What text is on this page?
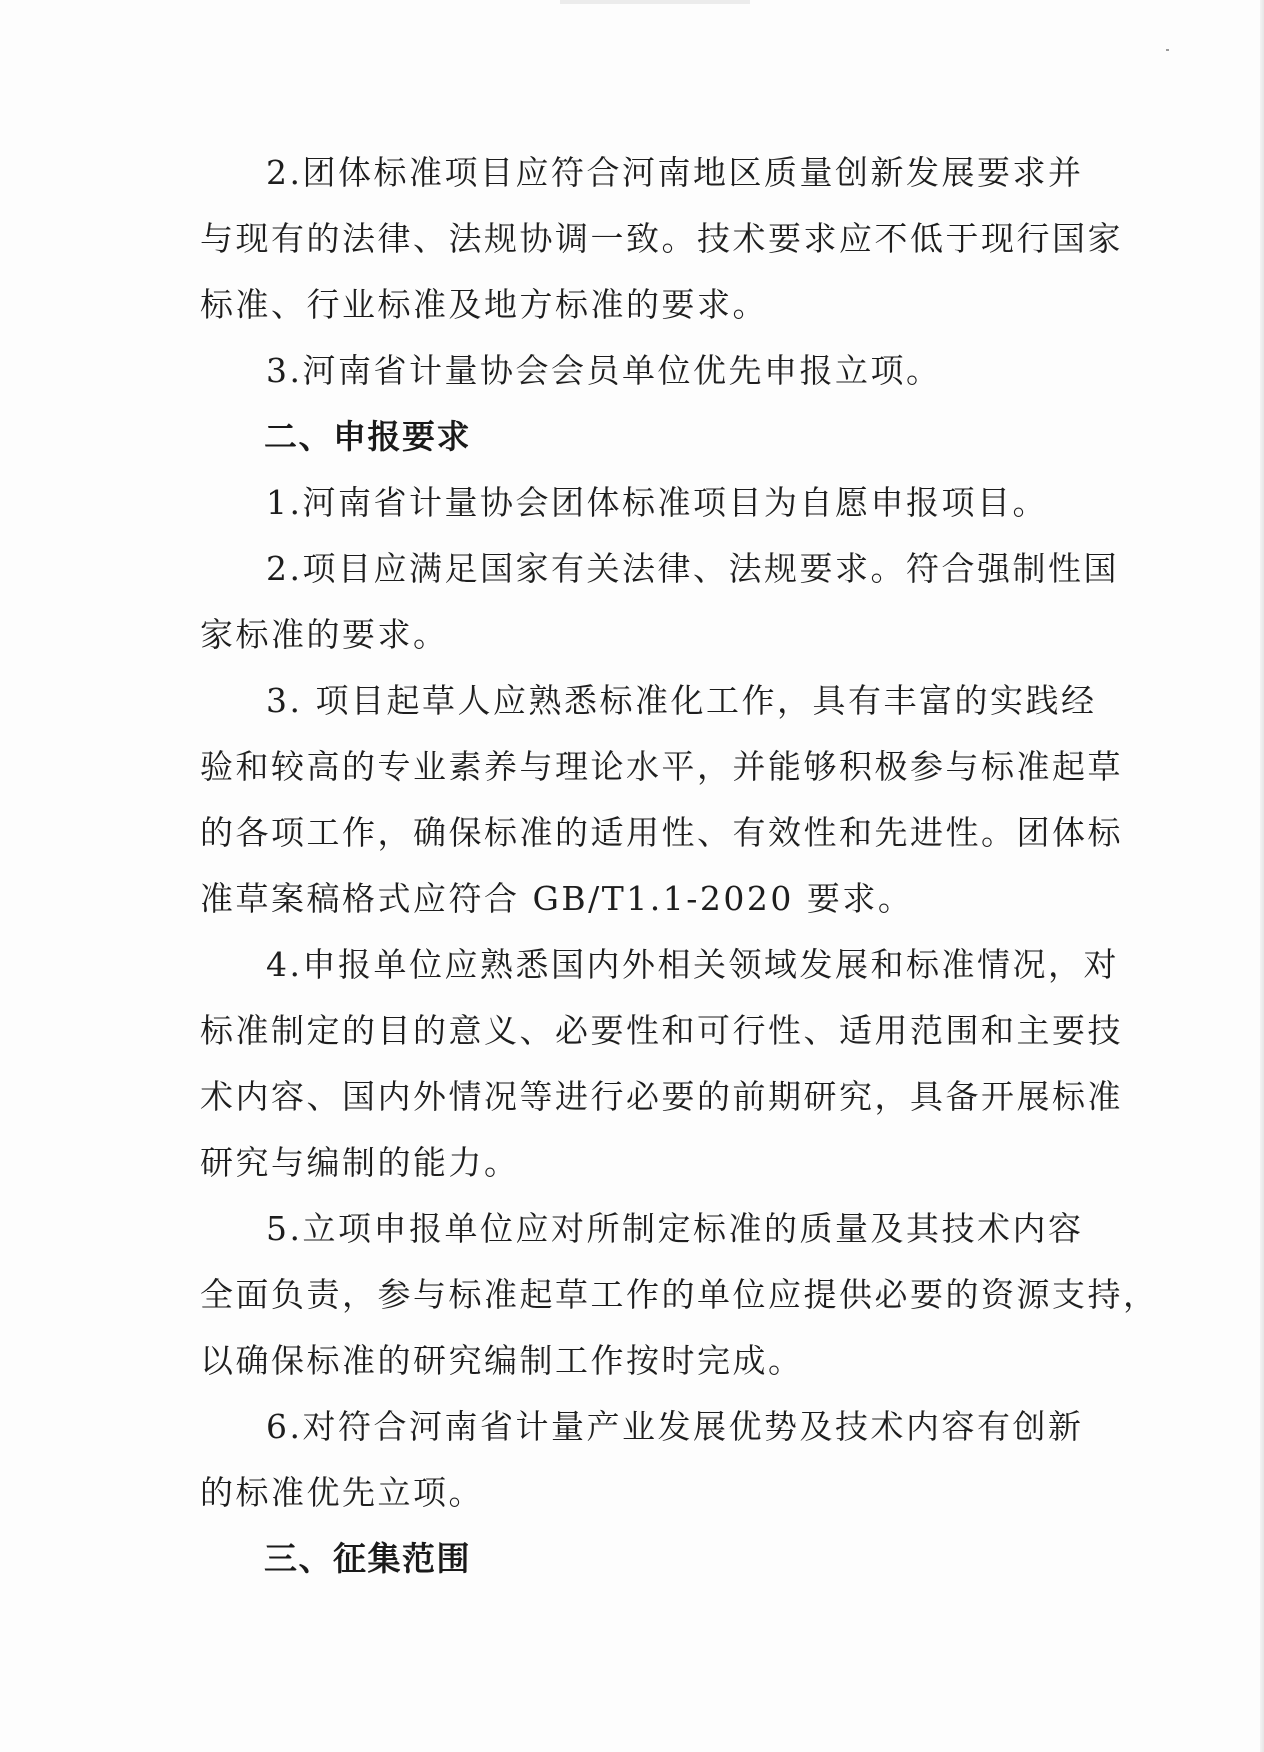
2.团体标准项目应符合河南地区质量创新发展要求并
与现有的法律、法规协调一致。技术要求应不低于现行国家
标准、行业标准及地方标准的要求。
3.河南省计量协会会员单位优先申报立项。
二、申报要求
1.河南省计量协会团体标准项目为自愿申报项目。
2.项目应满足国家有关法律、法规要求。符合强制性国
家标准的要求。
3. 项目起草人应熟悉标准化工作，具有丰富的实践经
验和较高的专业素养与理论水平，并能够积极参与标准起草
的各项工作，确保标准的适用性、有效性和先进性。团体标
准草案稿格式应符合 GB/T1.1-2020 要求。
4.申报单位应熟悉国内外相关领域发展和标准情况，对
标准制定的目的意义、必要性和可行性、适用范围和主要技
术内容、国内外情况等进行必要的前期研究，具备开展标准
研究与编制的能力。
5.立项申报单位应对所制定标准的质量及其技术内容
全面负责，参与标准起草工作的单位应提供必要的资源支持，
以确保标准的研究编制工作按时完成。
6.对符合河南省计量产业发展优势及技术内容有创新
的标准优先立项。
三、征集范围
